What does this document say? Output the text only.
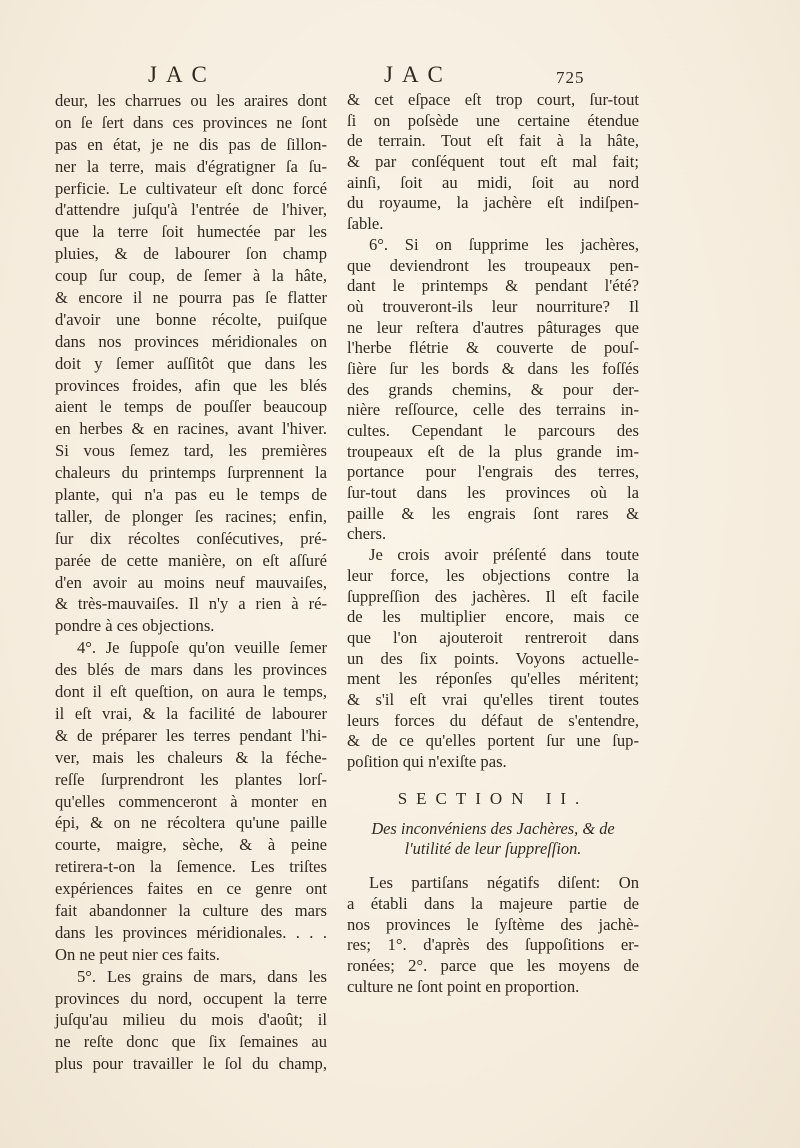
JAC	JAC	725
deur, les charrues ou les araires dont
on ſe ſert dans ces provinces ne ſont
pas en état, je ne dis pas de ſillon-
ner la terre, mais d'égratigner ſa ſu-
perficie. Le cultivateur eſt donc forcé
d'attendre juſqu'à l'entrée de l'hiver,
que la terre ſoit humectée par les
pluies, & de labourer ſon champ
coup ſur coup, de ſemer à la hâte,
& encore il ne pourra pas ſe flatter
d'avoir une bonne récolte, puiſque
dans nos provinces méridionales on
doit y ſemer auſſitôt que dans les
provinces froides, afin que les blés
aient le temps de pouſſer beaucoup
en herbes & en racines, avant l'hiver.
Si vous ſemez tard, les premières
chaleurs du printemps ſurprennent la
plante, qui n'a pas eu le temps de
taller, de plonger ſes racines; enfin,
ſur dix récoltes conſécutives, pré-
parée de cette manière, on eſt aſſuré
d'en avoir au moins neuf mauvaiſes,
& très-mauvaiſes. Il n'y a rien à ré-
pondre à ces objections.
4°. Je ſuppoſe qu'on veuille ſemer
des blés de mars dans les provinces
dont il eſt queſtion, on aura le temps,
il eſt vrai, & la facilité de labourer
& de préparer les terres pendant l'hi-
ver, mais les chaleurs & la féche-
reſſe ſurprendront les plantes lorſ-
qu'elles commenceront à monter en
épi, & on ne récoltera qu'une paille
courte, maigre, sèche, & à peine
retirera-t-on la ſemence. Les triſtes
expériences faites en ce genre ont
fait abandonner la culture des mars
dans les provinces méridionales. . . .
On ne peut nier ces faits.
5°. Les grains de mars, dans les
provinces du nord, occupent la terre
juſqu'au milieu du mois d'août; il
ne reſte donc que ſix ſemaines au
plus pour travailler le ſol du champ,
& cet eſpace eſt trop court, ſur-tout
ſi on poſsède une certaine étendue
de terrain. Tout eſt fait à la hâte,
& par conſéquent tout eſt mal fait;
ainſi, ſoit au midi, ſoit au nord
du royaume, la jachère eſt indiſpen-
ſable.
6°. Si on ſupprime les jachères,
que deviendront les troupeaux pen-
dant le printemps & pendant l'été?
où trouveront-ils leur nourriture? Il
ne leur reſtera d'autres pâturages que
l'herbe flétrie & couverte de pouſ-
ſière ſur les bords & dans les foſſés
des grands chemins, & pour der-
nière reſſource, celle des terrains in-
cultes. Cependant le parcours des
troupeaux eſt de la plus grande im-
portance pour l'engrais des terres,
ſur-tout dans les provinces où la
paille & les engrais ſont rares &
chers.
Je crois avoir préſenté dans toute
leur force, les objections contre la
ſuppreſſion des jachères. Il eſt facile
de les multiplier encore, mais ce
que l'on ajouteroit rentreroit dans
un des ſix points. Voyons actuelle-
ment les réponſes qu'elles méritent;
& s'il eſt vrai qu'elles tirent toutes
leurs forces du défaut de s'entendre,
& de ce qu'elles portent ſur une ſup-
poſition qui n'exiſte pas.
SECTION II.
Des inconvéniens des Jachères, & de
l'utilité de leur ſuppreſſion.
Les partiſans négatifs diſent: On
a établi dans la majeure partie de
nos provinces le ſyſtème des jachè-
res; 1°. d'après des ſuppoſitions er-
ronées; 2°. parce que les moyens de
culture ne ſont point en proportion.
